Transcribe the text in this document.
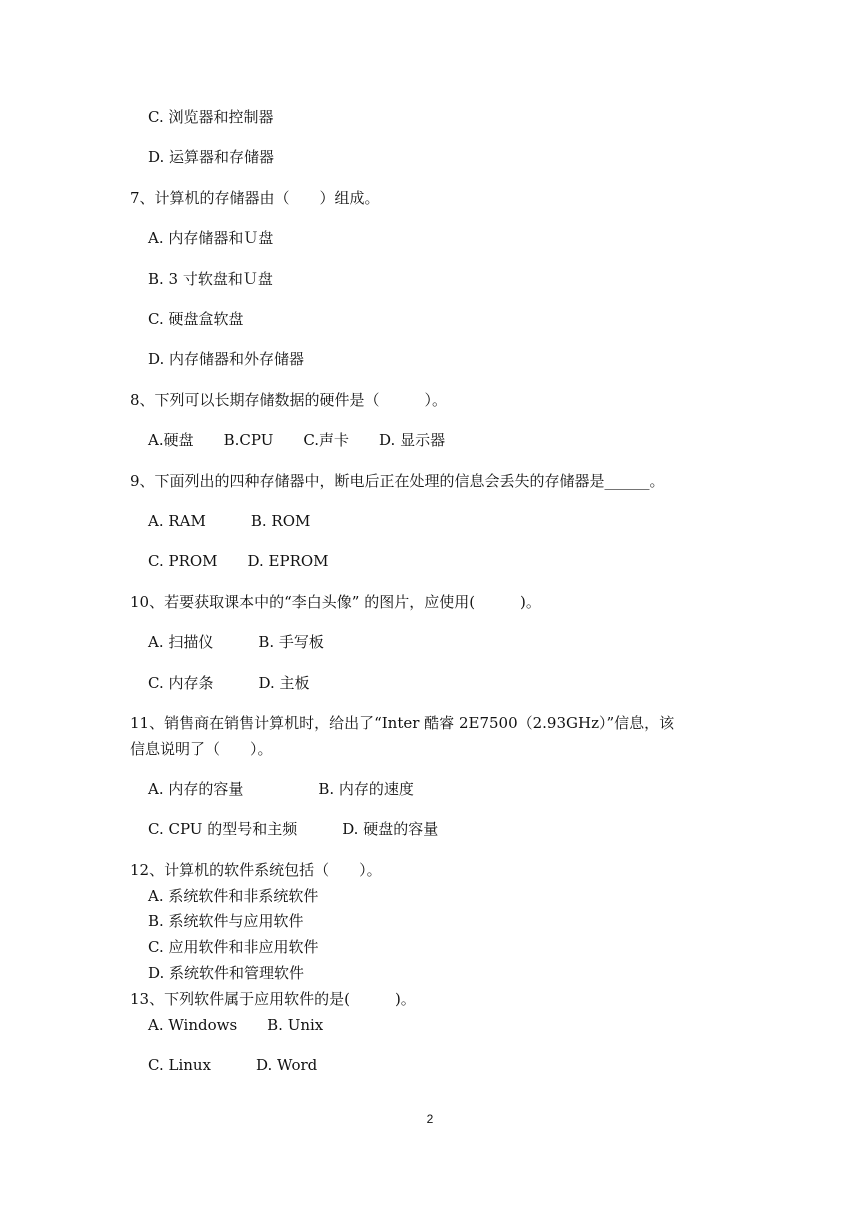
C. 浏览器和控制器
D. 运算器和存储器
7、计算机的存储器由（　　）组成。
A. 内存储器和Ｕ盘
B. 3 寸软盘和Ｕ盘
C. 硬盘盒软盘
D. 内存储器和外存储器
8、下列可以长期存储数据的硬件是（　　　）。
A.硬盘　　B.CPU　　C.声卡　　D. 显示器
9、下面列出的四种存储器中，断电后正在处理的信息会丢失的存储器是______。
A. RAM　　　B. ROM
C. PROM　　D. EPROM
10、若要获取课本中的“李白头像” 的图片，应使用(　　　)。
A. 扫描仪　　　B. 手写板
C. 内存条　　　D. 主板
11、销售商在销售计算机时，给出了“Inter 酷睿 2E7500（2.93GHz）”信息，该
信息说明了（　　）。
A. 内存的容量　　　　　B. 内存的速度
C. CPU 的型号和主频　　　D. 硬盘的容量
12、计算机的软件系统包括（　　）。
A. 系统软件和非系统软件
B. 系统软件与应用软件
C. 应用软件和非应用软件
D. 系统软件和管理软件
13、下列软件属于应用软件的是(　　　)。
A. Windows　　B. Unix
C. Linux　　　D. Word
2
